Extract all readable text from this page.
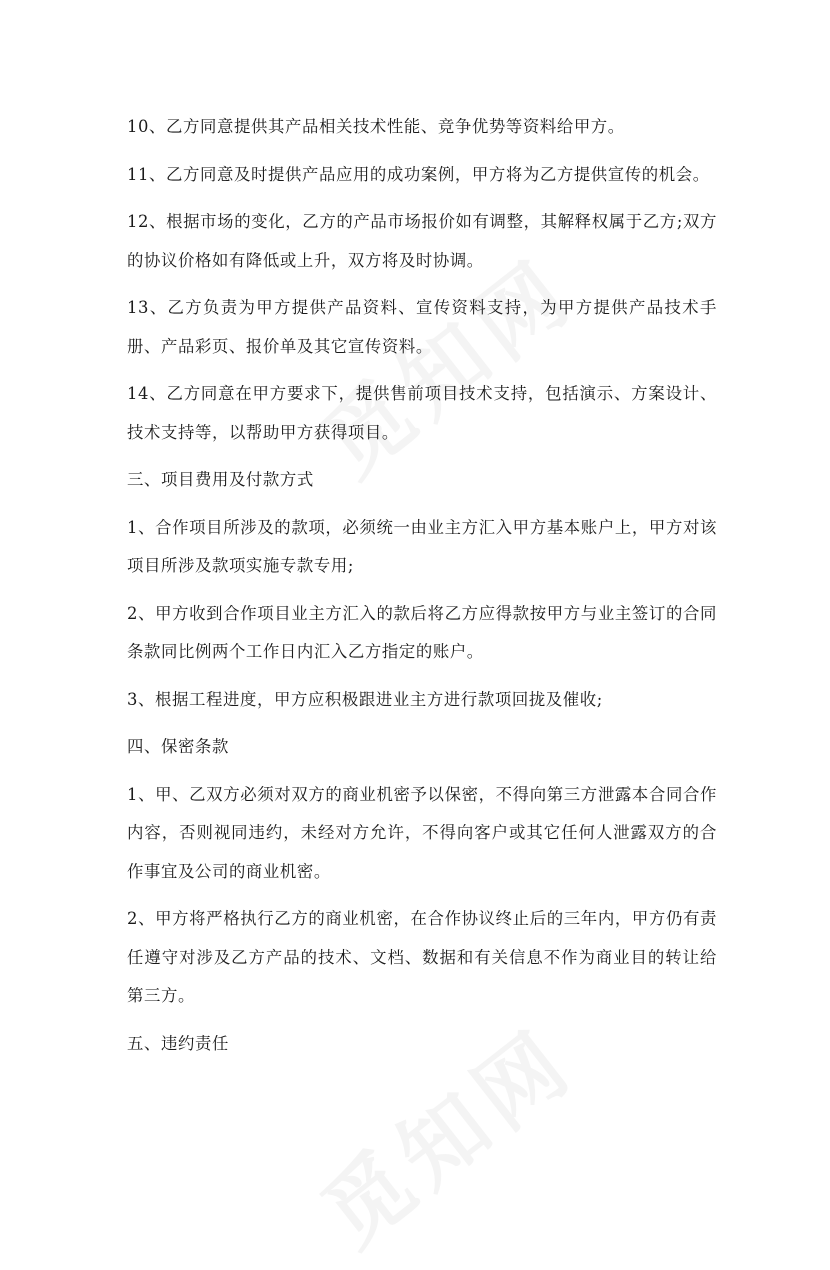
10、乙方同意提供其产品相关技术性能、竞争优势等资料给甲方。

11、乙方同意及时提供产品应用的成功案例，甲方将为乙方提供宣传的机会。

12、根据市场的变化，乙方的产品市场报价如有调整，其解释权属于乙方;双方的协议价格如有降低或上升，双方将及时协调。

13、乙方负责为甲方提供产品资料、宣传资料支持，为甲方提供产品技术手册、产品彩页、报价单及其它宣传资料。

14、乙方同意在甲方要求下，提供售前项目技术支持，包括演示、方案设计、技术支持等，以帮助甲方获得项目。

三、项目费用及付款方式

1、合作项目所涉及的款项，必须统一由业主方汇入甲方基本账户上，甲方对该项目所涉及款项实施专款专用;

2、甲方收到合作项目业主方汇入的款后将乙方应得款按甲方与业主签订的合同条款同比例两个工作日内汇入乙方指定的账户。

3、根据工程进度，甲方应积极跟进业主方进行款项回拢及催收;

四、保密条款

1、甲、乙双方必须对双方的商业机密予以保密，不得向第三方泄露本合同合作内容，否则视同违约，未经对方允许，不得向客户或其它任何人泄露双方的合作事宜及公司的商业机密。

2、甲方将严格执行乙方的商业机密，在合作协议终止后的三年内，甲方仍有责任遵守对涉及乙方产品的技术、文档、数据和有关信息不作为商业目的转让给第三方。

五、违约责任
